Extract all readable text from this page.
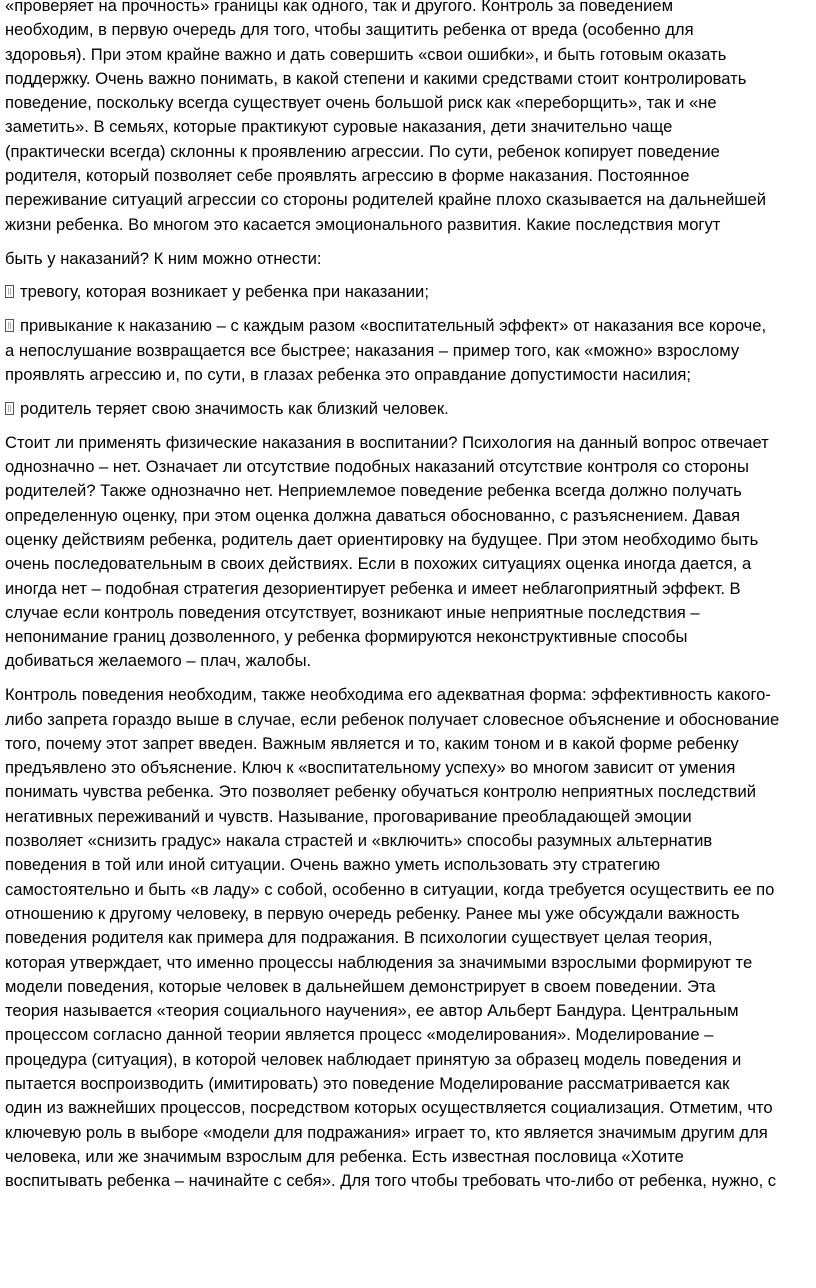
«проверяет на прочность» границы как одного, так и другого. Контроль за поведением
необходим, в первую очередь для того, чтобы защитить ребенка от вреда (особенно для
здоровья). При этом крайне важно и дать совершить «свои ошибки», и быть готовым оказать
поддержку. Очень важно понимать, в какой степени и какими средствами стоит контролировать
поведение, поскольку всегда существует очень большой риск как «переборщить», так и «не
заметить». В семьях, которые практикуют суровые наказания, дети значительно чаще
(практически всегда) склонны к проявлению агрессии. По сути, ребенок копирует поведение
родителя, который позволяет себе проявлять агрессию в форме наказания. Постоянное
переживание ситуаций агрессии со стороны родителей крайне плохо сказывается на дальнейшей
жизни ребенка. Во многом это касается эмоционального развития. Какие последствия могут
быть у наказаний? К ним можно отнести:
тревогу, которая возникает у ребенка при наказании;
привыкание к наказанию – с каждым разом «воспитательный эффект» от наказания все короче,
а непослушание возвращается все быстрее; наказания – пример того, как «можно» взрослому
проявлять агрессию и, по сути, в глазах ребенка это оправдание допустимости насилия;
родитель теряет свою значимость как близкий человек.
Стоит ли применять физические наказания в воспитании? Психология на данный вопрос отвечает
однозначно – нет. Означает ли отсутствие подобных наказаний отсутствие контроля со стороны
родителей? Также однозначно нет. Неприемлемое поведение ребенка всегда должно получать
определенную оценку, при этом оценка должна даваться обоснованно, с разъяснением. Давая
оценку действиям ребенка, родитель дает ориентировку на будущее. При этом необходимо быть
очень последовательным в своих действиях. Если в похожих ситуациях оценка иногда дается, а
иногда нет – подобная стратегия дезориентирует ребенка и имеет неблагоприятный эффект. В
случае если контроль поведения отсутствует, возникают иные неприятные последствия –
непонимание границ дозволенного, у ребенка формируются неконструктивные способы
добиваться желаемого – плач, жалобы.
Контроль поведения необходим, также необходима его адекватная форма: эффективность какого-
либо запрета гораздо выше в случае, если ребенок получает словесное объяснение и обоснование
того, почему этот запрет введен. Важным является и то, каким тоном и в какой форме ребенку
предъявлено это объяснение. Ключ к «воспитательному успеху» во многом зависит от умения
понимать чувства ребенка. Это позволяет ребенку обучаться контролю неприятных последствий
негативных переживаний и чувств. Называние, проговаривание преобладающей эмоции
позволяет «снизить градус» накала страстей и «включить» способы разумных альтернатив
поведения в той или иной ситуации. Очень важно уметь использовать эту стратегию
самостоятельно и быть «в ладу» с собой, особенно в ситуации, когда требуется осуществить ее по
отношению к другому человеку, в первую очередь ребенку. Ранее мы уже обсуждали важность
поведения родителя как примера для подражания. В психологии существует целая теория,
которая утверждает, что именно процессы наблюдения за значимыми взрослыми формируют те
модели поведения, которые человек в дальнейшем демонстрирует в своем поведении. Эта
теория называется «теория социального научения», ее автор Альберт Бандура. Центральным
процессом согласно данной теории является процесс «моделирования». Моделирование –
процедура (ситуация), в которой человек наблюдает принятую за образец модель поведения и
пытается воспроизводить (имитировать) это поведение Моделирование рассматривается как
один из важнейших процессов, посредством которых осуществляется социализация. Отметим, что
ключевую роль в выборе «модели для подражания» играет то, кто является значимым другим для
человека, или же значимым взрослым для ребенка. Есть известная пословица «Хотите
воспитывать ребенка – начинайте с себя». Для того чтобы требовать что-либо от ребенка, нужно, с
